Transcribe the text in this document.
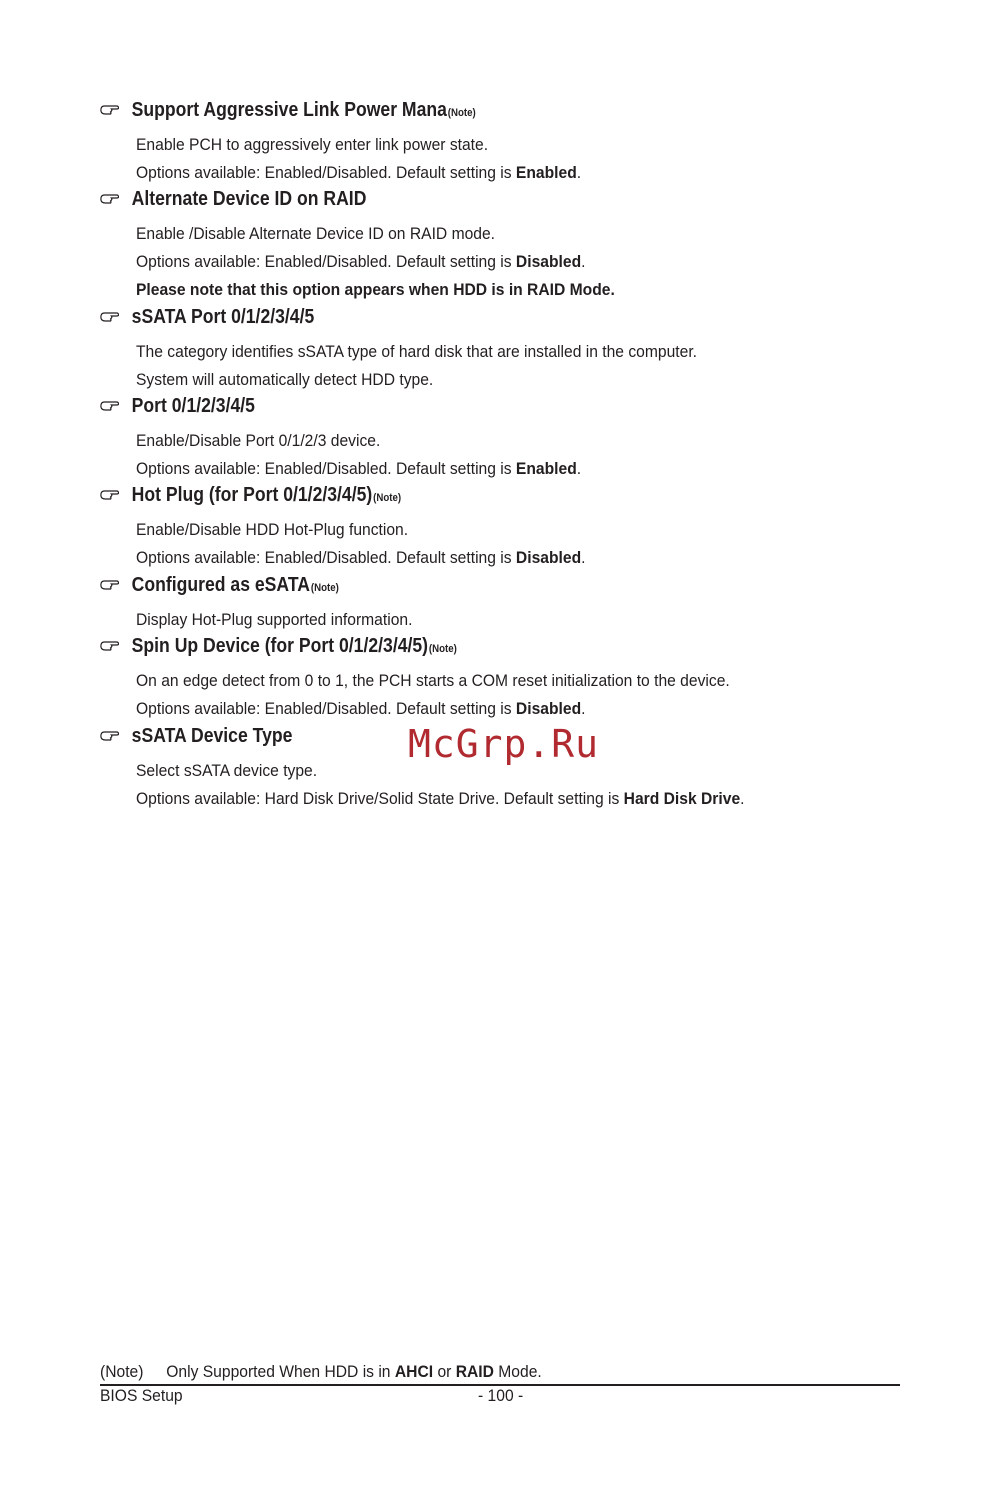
Support Aggressive Link Power Mana (Note)
Enable PCH to aggressively enter link power state.
Options available: Enabled/Disabled. Default setting is Enabled.
Alternate Device ID on RAID
Enable /Disable Alternate Device ID on RAID mode.
Options available: Enabled/Disabled. Default setting is Disabled.
Please note that this option appears when HDD is in RAID Mode.
sSATA Port 0/1/2/3/4/5
The category identifies sSATA type of hard disk that are installed in the computer.
System will automatically detect HDD type.
Port 0/1/2/3/4/5
Enable/Disable Port 0/1/2/3 device.
Options available: Enabled/Disabled. Default setting is Enabled.
Hot Plug (for Port 0/1/2/3/4/5) (Note)
Enable/Disable HDD Hot-Plug function.
Options available: Enabled/Disabled. Default setting is Disabled.
Configured as eSATA (Note)
Display Hot-Plug supported information.
Spin Up Device (for Port 0/1/2/3/4/5) (Note)
On an edge detect from 0 to 1, the PCH starts a COM reset initialization to the device.
Options available: Enabled/Disabled. Default setting is Disabled.
sSATA Device Type
Select sSATA device type.
Options available: Hard Disk Drive/Solid State Drive. Default setting is Hard Disk Drive.
McGrp.Ru
(Note) Only Supported When HDD is in AHCI or RAID Mode.
BIOS Setup	- 100 -
